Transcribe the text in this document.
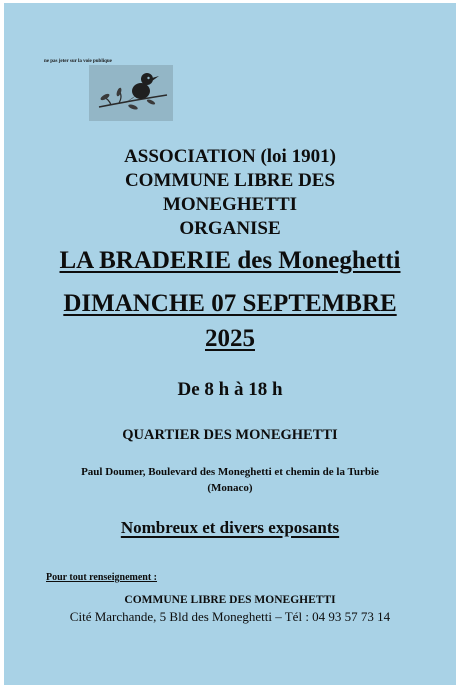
ne pas jeter sur la voie publique
ASSOCIATION (loi 1901)
COMMUNE LIBRE DES
MONEGHETTI
ORGANISE
LA BRADERIE des Moneghetti
DIMANCHE 07 SEPTEMBRE
2025
De 8 h à 18 h
QUARTIER DES MONEGHETTI
Paul Doumer, Boulevard des Moneghetti et chemin de la Turbie
(Monaco)
Nombreux et divers exposants
Pour tout renseignement :
COMMUNE LIBRE DES MONEGHETTI
Cité Marchande, 5 Bld des Moneghetti – Tél : 04 93 57 73 14
